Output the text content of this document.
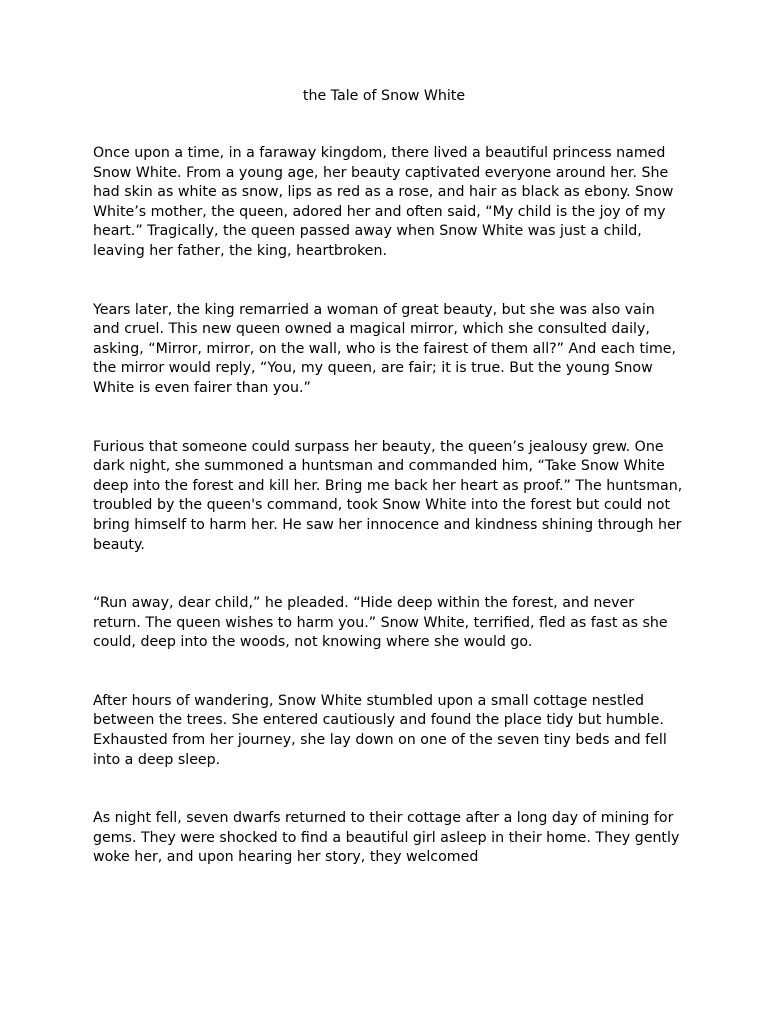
the Tale of Snow White

Once upon a time, in a faraway kingdom, there lived a beautiful princess named Snow White. From a young age, her beauty captivated everyone around her. She had skin as white as snow, lips as red as a rose, and hair as black as ebony. Snow White’s mother, the queen, adored her and often said, “My child is the joy of my heart.” Tragically, the queen passed away when Snow White was just a child, leaving her father, the king, heartbroken.

Years later, the king remarried a woman of great beauty, but she was also vain and cruel. This new queen owned a magical mirror, which she consulted daily, asking, “Mirror, mirror, on the wall, who is the fairest of them all?” And each time, the mirror would reply, “You, my queen, are fair; it is true. But the young Snow White is even fairer than you.”

Furious that someone could surpass her beauty, the queen’s jealousy grew. One dark night, she summoned a huntsman and commanded him, “Take Snow White deep into the forest and kill her. Bring me back her heart as proof.” The huntsman, troubled by the queen's command, took Snow White into the forest but could not bring himself to harm her. He saw her innocence and kindness shining through her beauty.

“Run away, dear child,” he pleaded. “Hide deep within the forest, and never return. The queen wishes to harm you.” Snow White, terrified, fled as fast as she could, deep into the woods, not knowing where she would go.

After hours of wandering, Snow White stumbled upon a small cottage nestled between the trees. She entered cautiously and found the place tidy but humble. Exhausted from her journey, she lay down on one of the seven tiny beds and fell into a deep sleep.

As night fell, seven dwarfs returned to their cottage after a long day of mining for gems. They were shocked to find a beautiful girl asleep in their home. They gently woke her, and upon hearing her story, they welcomed
